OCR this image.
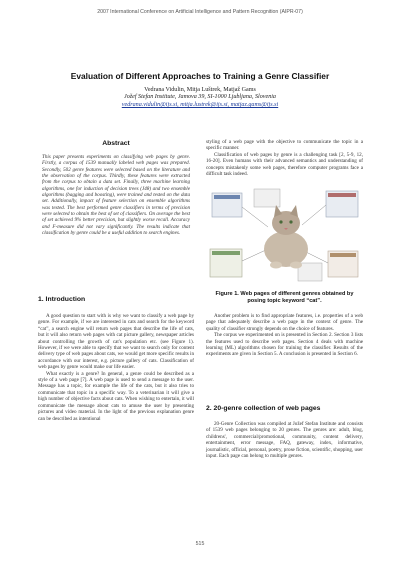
2007 International Conference on Artificial Intelligence and Pattern Recognition (AIPR-07)
Evaluation of Different Approaches to Training a Genre Classifier
Vedrana Vidulin, Mitja Luštrek, Matjaž Gams
Jožef Stefan Institute, Jamova 39, SI-1000 Ljubljana, Slovenia
vedrana.vidulin@ijs.si, mitja.lustrek@ijs.si, matjaz.gams@ijs.si
Abstract
This paper presents experiments on classifying web pages by genre. Firstly, a corpus of 1539 manually labeled web pages was prepared. Secondly, 502 genre features were selected based on the literature and the observation of the corpus. Thirdly, these features were extracted from the corpus to obtain a data set. Finally, three machine learning algorithms, one for induction of decision trees (J48) and two ensemble algorithms (bagging and boosting), were trained and tested on the data set. Additionally, impact of feature selection on ensemble algorithms was tested. The best performed genre classifiers in terms of precision were selected to obtain the best of set of classifiers. On average the best of set achieved 9% better precision, but slightly worse recall. Accuracy and F-measure did not vary significantly. The results indicate that classification by genre could be a useful addition to search engines.

styling of a web page with the objective to communicate the topic in a specific manner.

Classification of web pages by genre is a challenging task [2, 5-9, 12, 16-20]. Even humans with their advanced semantics and understanding of concepts mistakenly some web pages, therefore computer programs face a difficult task indeed.

Figure 1. Web pages of different genres obtained by posing topic keyword “cat”.
1. Introduction

A good question to start with is why we want to classify a web page by genre. For example, if we are interested in cats and search for the keyword “cat”, a search engine will return web pages that describe the life of cats, but it will also return web pages with cat picture gallery, newspaper articles about controlling the growth of cat's population etc. (see Figure 1). However, if we were able to specify that we want to search only for content delivery type of web pages about cats, we would get more specific results in accordance with our interest, e.g. picture gallery of cats. Classification of web pages by genre would make our life easier.

What exactly is a genre? In general, a genre could be described as a style of a web page [7]. A web page is used to send a message to the user. Message has a topic, for example the life of the cats, but it also tries to communicate that topic in a specific way. To a veterinarian it will give a high number of objective facts about cats. When wishing to entertain, it will communicate the message about cats to amuse the user by presenting pictures and video material. In the light of the previous explanation genre can be described as intentional

Another problem is to find appropriate features, i.e. properties of a web page that adequately describe a web page in the context of genre. The quality of classifier strongly depends on the choice of features.

The corpus we experimented on is presented in Section 2. Section 3 lists the features used to describe web pages. Section 4 deals with machine learning (ML) algorithms chosen for training the classifier. Results of the experiments are given in Section 5. A conclusion is presented in Section 6.

2. 20-genre collection of web pages

20-Genre Collection was compiled at Jožef Stefan Institute and consists of 1539 web pages belonging to 20 genres. The genres are: adult, blog, childrens', commercial/promotional, community, content delivery, entertainment, error message, FAQ, gateway, index, informative, journalistic, official, personal, poetry, prose fiction, scientific, shopping, user input. Each page can belong to multiple genres.

515
